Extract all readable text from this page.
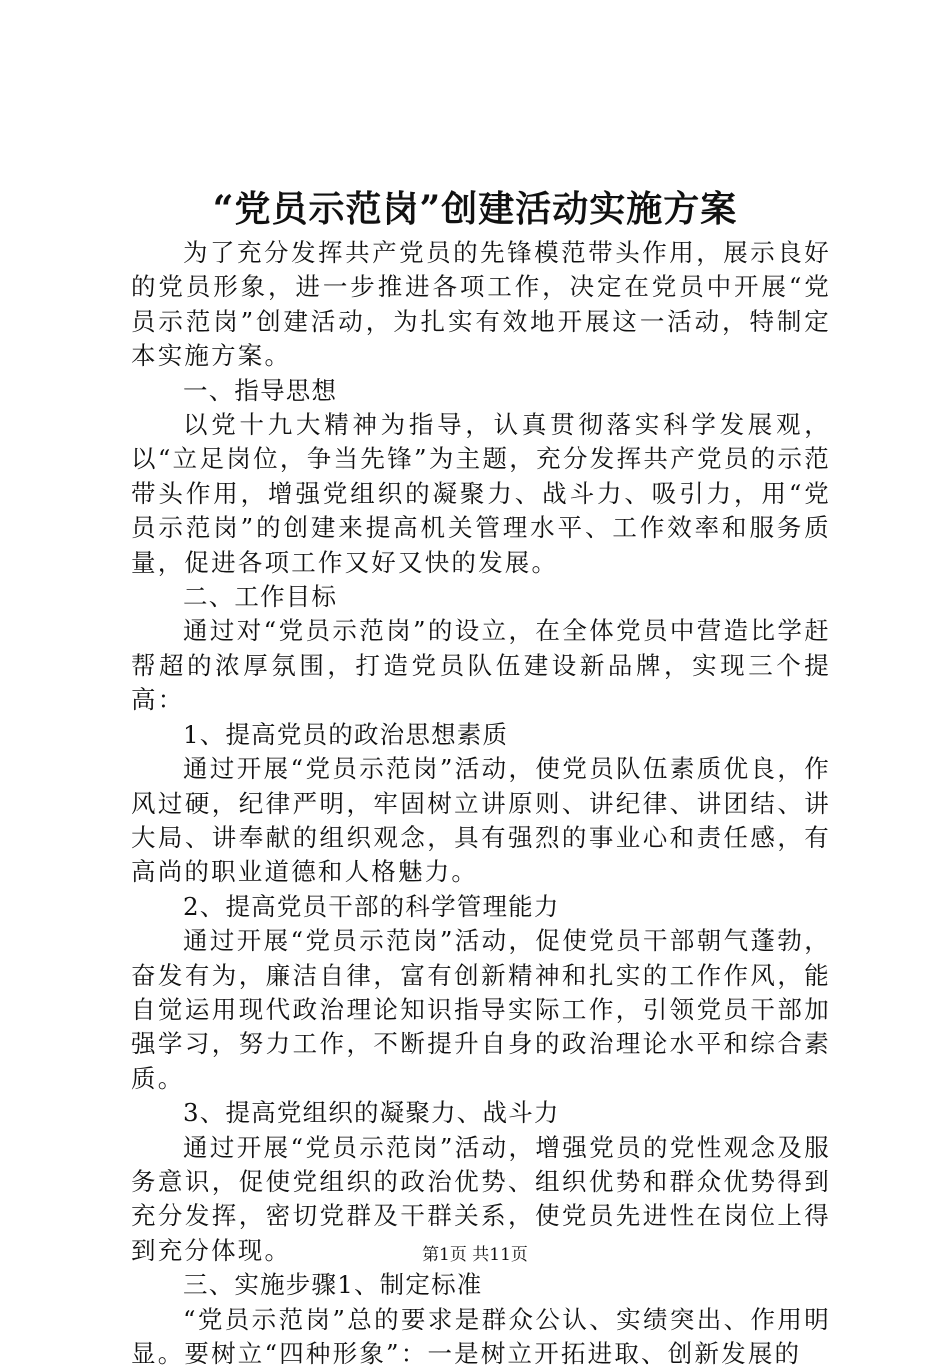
“党员示范岗”创建活动实施方案

为了充分发挥共产党员的先锋模范带头作用，展示良好的党员形象，进一步推进各项工作，决定在党员中开展“党员示范岗”创建活动，为扎实有效地开展这一活动，特制定本实施方案。

一、指导思想

以党十九大精神为指导，认真贯彻落实科学发展观，以“立足岗位，争当先锋”为主题，充分发挥共产党员的示范带头作用，增强党组织的凝聚力、战斗力、吸引力，用“党员示范岗”的创建来提高机关管理水平、工作效率和服务质量，促进各项工作又好又快的发展。

二、工作目标

通过对“党员示范岗”的设立，在全体党员中营造比学赶帮超的浓厚氛围，打造党员队伍建设新品牌，实现三个提高：

1、提高党员的政治思想素质

通过开展“党员示范岗”活动，使党员队伍素质优良，作风过硬，纪律严明，牢固树立讲原则、讲纪律、讲团结、讲大局、讲奉献的组织观念，具有强烈的事业心和责任感，有高尚的职业道德和人格魅力。

2、提高党员干部的科学管理能力

通过开展“党员示范岗”活动，促使党员干部朝气蓬勃，奋发有为，廉洁自律，富有创新精神和扎实的工作作风，能自觉运用现代政治理论知识指导实际工作，引领党员干部加强学习，努力工作，不断提升自身的政治理论水平和综合素质。

3、提高党组织的凝聚力、战斗力

通过开展“党员示范岗”活动，增强党员的党性观念及服务意识，促使党组织的政治优势、组织优势和群众优势得到充分发挥，密切党群及干群关系，使党员先进性在岗位上得到充分体现。

三、实施步骤1、制定标准

“党员示范岗”总的要求是群众公认、实绩突出、作用明显。要树立“四种形象”：一是树立开拓进取、创新发展的

第1页 共11页
